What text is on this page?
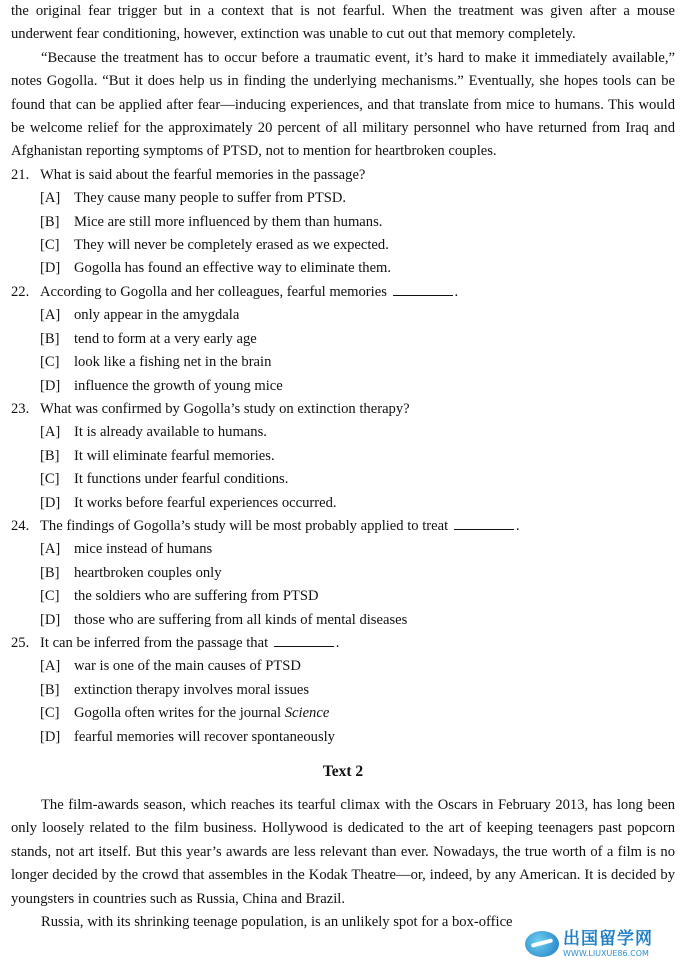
the original fear trigger but in a context that is not fearful. When the treatment was given after a mouse underwent fear conditioning, however, extinction was unable to cut out that memory completely.

“Because the treatment has to occur before a traumatic event, it’s hard to make it immediately available,” notes Gogolla. “But it does help us in finding the underlying mechanisms.” Eventually, she hopes tools can be found that can be applied after fear—inducing experiences, and that translate from mice to humans. This would be welcome relief for the approximately 20 percent of all military personnel who have returned from Iraq and Afghanistan reporting symptoms of PTSD, not to mention for heartbroken couples.

21. What is said about the fearful memories in the passage?

[A] They cause many people to suffer from PTSD.

[B] Mice are still more influenced by them than humans.

[C] They will never be completely erased as we expected.

[D] Gogolla has found an effective way to eliminate them.

22. According to Gogolla and her colleagues, fearful memories	.

[A] only appear in the amygdala

[B] tend to form at a very early age

[C] look like a fishing net in the brain

[D] influence the growth of young mice

23. What was confirmed by Gogolla’s study on extinction therapy?

[A] It is already available to humans.

[B] It will eliminate fearful memories.

[C] It functions under fearful conditions.

[D] It works before fearful experiences occurred.

24. The findings of Gogolla’s study will be most probably applied to treat	.

[A] mice instead of humans

[B] heartbroken couples only

[C] the soldiers who are suffering from PTSD

[D] those who are suffering from all kinds of mental diseases

25. It can be inferred from the passage that	.

[A] war is one of the main causes of PTSD

[B] extinction therapy involves moral issues

[C] Gogolla often writes for the journal Science

[D] fearful memories will recover spontaneously

Text 2

The film-awards season, which reaches its tearful climax with the Oscars in February 2013, has long been only loosely related to the film business. Hollywood is dedicated to the art of keeping teenagers past popcorn stands, not art itself. But this year’s awards are less relevant than ever. Nowadays, the true worth of a film is no longer decided by the crowd that assembles in the Kodak Theatre—or, indeed, by any American. It is decided by youngsters in countries such as Russia, China and Brazil.

Russia, with its shrinking teenage population, is an unlikely spot for a box-office

出国留学网
WWW.LIUXUE86.COM
